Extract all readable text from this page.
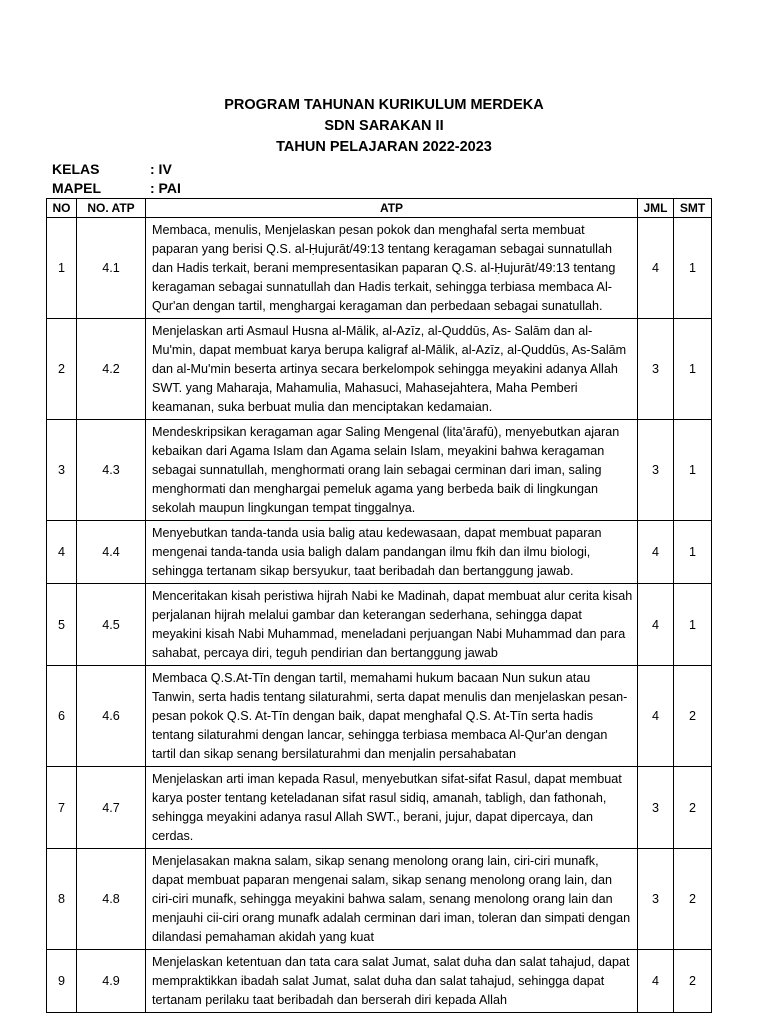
PROGRAM TAHUNAN KURIKULUM MERDEKA
SDN SARAKAN II
TAHUN PELAJARAN 2022-2023
KELAS	: IV
MAPEL	: PAI
NO	NO. ATP	ATP	JML	SMT
1	4.1	Membaca, menulis, Menjelaskan pesan pokok dan menghafal serta membuat paparan yang berisi Q.S. al-Ḥujurāt/49:13 tentang keragaman sebagai sunnatullah dan Hadis terkait, berani mempresentasikan paparan Q.S. al-Ḥujurāt/49:13 tentang keragaman sebagai sunnatullah dan Hadis terkait, sehingga terbiasa membaca Al-Qur'an dengan tartil, menghargai keragaman dan perbedaan sebagai sunatullah.	4	1
2	4.2	Menjelaskan arti Asmaul Husna al-Mālik, al-Azīz, al-Quddūs, As- Salām dan al-Mu'min, dapat membuat karya berupa kaligraf al-Mālik, al-Azīz, al-Quddūs, As-Salām dan al-Mu'min beserta artinya secara berkelompok sehingga meyakini adanya Allah SWT. yang Maharaja, Mahamulia, Mahasuci, Mahasejahtera, Maha Pemberi keamanan, suka berbuat mulia dan menciptakan kedamaian.	3	1
3	4.3	Mendeskripsikan keragaman agar Saling Mengenal (lita'ārafū), menyebutkan ajaran kebaikan dari Agama Islam dan Agama selain Islam, meyakini bahwa keragaman sebagai sunnatullah, menghormati orang lain sebagai cerminan dari iman, saling menghormati dan menghargai pemeluk agama yang berbeda baik di lingkungan sekolah maupun lingkungan tempat tinggalnya.	3	1
4	4.4	Menyebutkan tanda-tanda usia balig atau kedewasaan, dapat membuat paparan mengenai tanda-tanda usia baligh dalam pandangan ilmu fkih dan ilmu biologi, sehingga tertanam sikap bersyukur, taat beribadah dan bertanggung jawab.	4	1
5	4.5	Menceritakan kisah peristiwa hijrah Nabi ke Madinah, dapat membuat alur cerita kisah perjalanan hijrah melalui gambar dan keterangan sederhana, sehingga dapat meyakini kisah Nabi Muhammad, meneladani perjuangan Nabi Muhammad dan para sahabat, percaya diri, teguh pendirian dan bertanggung jawab	4	1
6	4.6	Membaca Q.S.At-Tīn dengan tartil, memahami hukum bacaan Nun sukun atau Tanwin, serta hadis tentang silaturahmi, serta dapat menulis dan menjelaskan pesan- pesan pokok Q.S. At-Tīn dengan baik, dapat menghafal Q.S. At-Tīn serta hadis tentang silaturahmi dengan lancar, sehingga terbiasa membaca Al-Qur'an dengan tartil dan sikap senang bersilaturahmi dan menjalin persahabatan	4	2
7	4.7	Menjelaskan arti iman kepada Rasul, menyebutkan sifat-sifat Rasul, dapat membuat karya poster tentang keteladanan sifat rasul sidiq, amanah, tabligh, dan fathonah, sehingga meyakini adanya rasul Allah SWT., berani, jujur, dapat dipercaya, dan cerdas.	3	2
8	4.8	Menjelasakan makna salam, sikap senang menolong orang lain, ciri-ciri munafk, dapat membuat paparan mengenai salam, sikap senang menolong orang lain, dan ciri-ciri munafk, sehingga meyakini bahwa salam, senang menolong orang lain dan menjauhi cii-ciri orang munafk adalah cerminan dari iman, toleran dan simpati dengan dilandasi pemahaman akidah yang kuat	3	2
9	4.9	Menjelaskan ketentuan dan tata cara salat Jumat, salat duha dan salat tahajud, dapat mempraktikkan ibadah salat Jumat, salat duha dan salat tahajud, sehingga dapat tertanam perilaku taat beribadah dan berserah diri kepada Allah	4	2
